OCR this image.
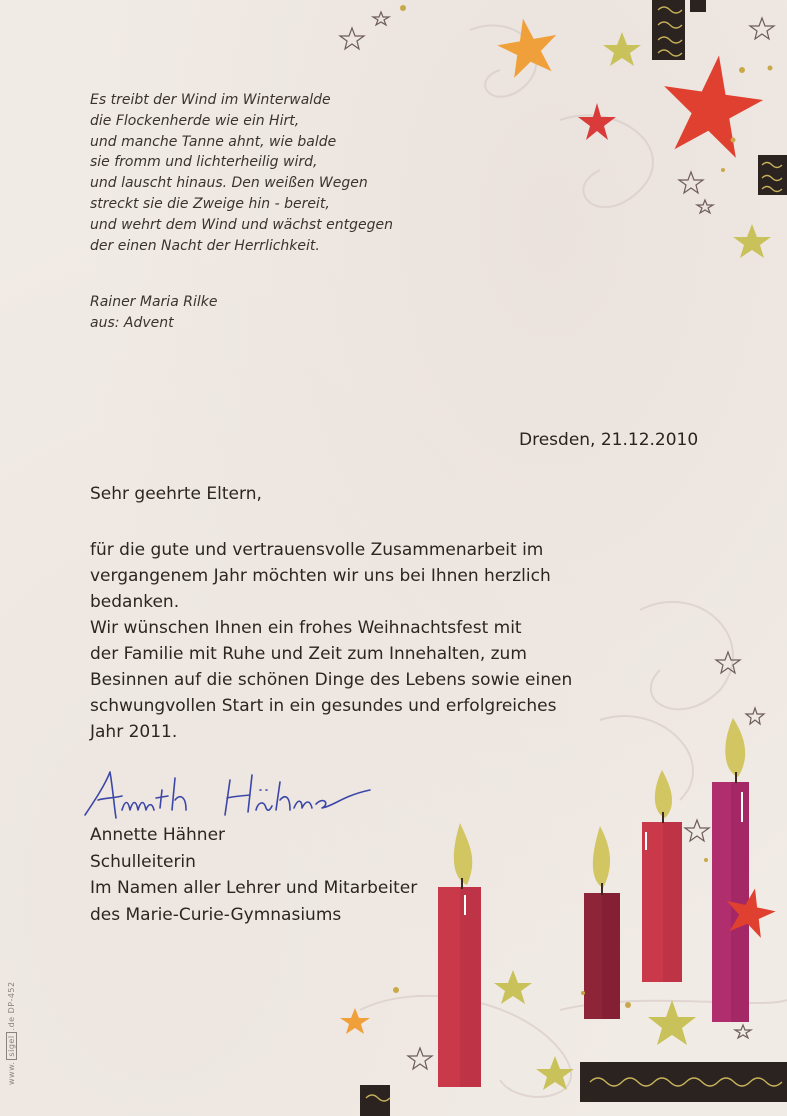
Es treibt der Wind im Winterwalde
die Flockenherde wie ein Hirt,
und manche Tanne ahnt, wie balde
sie fromm und lichterheilig wird,
und lauscht hinaus. Den weißen Wegen
streckt sie die Zweige hin - bereit,
und wehrt dem Wind und wächst entgegen
der einen Nacht der Herrlichkeit.
Rainer Maria Rilke
aus: Advent
Dresden, 21.12.2010
Sehr geehrte Eltern,
für die gute und vertrauensvolle Zusammenarbeit im
vergangenem Jahr möchten wir uns bei Ihnen herzlich
bedanken.
Wir wünschen Ihnen ein frohes Weihnachtsfest mit
der Familie mit Ruhe und Zeit zum Innehalten, zum
Besinnen auf die schönen Dinge des Lebens sowie einen
schwungvollen Start in ein gesundes und erfolgreiches
Jahr 2011.
Annette Hähner
Schulleiterin
Im Namen aller Lehrer und Mitarbeiter
des Marie-Curie-Gymnasiums
www.sigel.de DP-452
